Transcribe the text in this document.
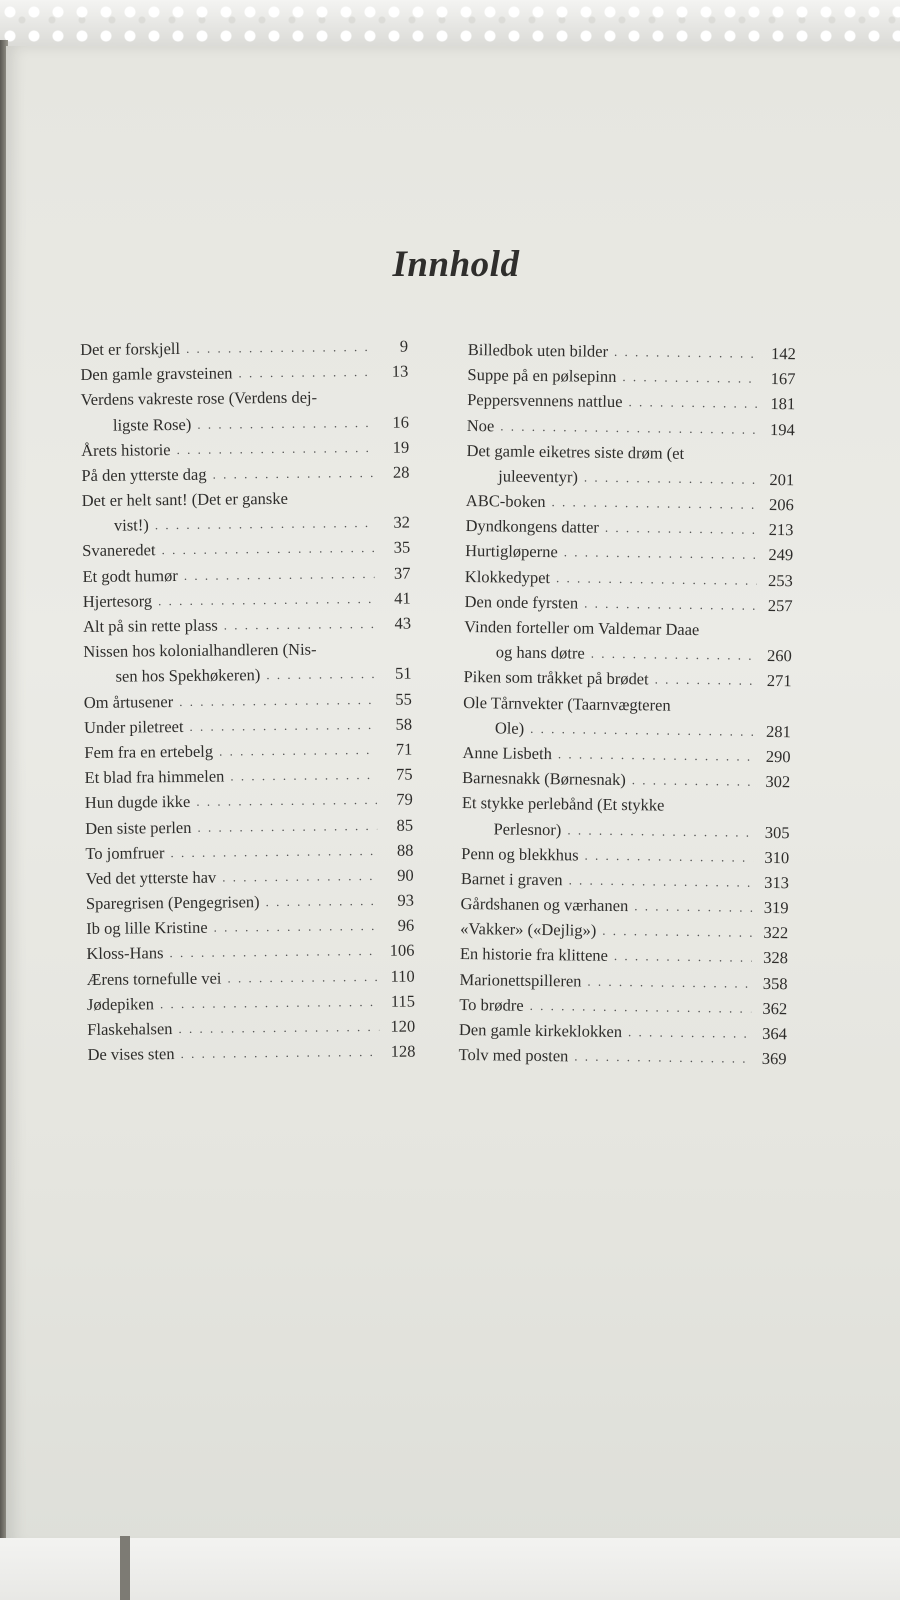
Innhold
Det er forskjell . . .	9
Den gamle gravsteinen . . .	13
Verdens vakreste rose (Verdens dej-
ligste Rose) . . .	16
Årets historie . . .	19
På den ytterste dag . . .	28
Det er helt sant! (Det er ganske
vist!) . . .	32
Svaneredet . . .	35
Et godt humør . . .	37
Hjertesorg . . .	41
Alt på sin rette plass . . .	43
Nissen hos kolonialhandleren (Nis-
sen hos Spekhøkeren) . . .	51
Om årtusener . . .	55
Under piletreet . . .	58
Fem fra en ertebelg . . .	71
Et blad fra himmelen . . .	75
Hun dugde ikke . . .	79
Den siste perlen . . .	85
To jomfruer . . .	88
Ved det ytterste hav . . .	90
Sparegrisen (Pengegrisen) . . .	93
Ib og lille Kristine . . .	96
Kloss-Hans . . .	106
Ærens tornefulle vei . . .	110
Jødepiken . . .	115
Flaskehalsen . . .	120
De vises sten . . .	128
Billedbok uten bilder . . .	142
Suppe på en pølsepinn . . .	167
Peppersvennens nattlue . . .	181
Noe . . .	194
Det gamle eiketres siste drøm (et
juleeventyr) . . .	201
ABC-boken . . .	206
Dyndkongens datter . . .	213
Hurtigløperne . . .	249
Klokkedypet . . .	253
Den onde fyrsten . . .	257
Vinden forteller om Valdemar Daae
og hans døtre . . .	260
Piken som tråkket på brødet . . .	271
Ole Tårnvekter (Taarnvægteren
Ole) . . .	281
Anne Lisbeth . . .	290
Barnesnakk (Børnesnak) . . .	302
Et stykke perlebånd (Et stykke
Perlesnor) . . .	305
Penn og blekkhus . . .	310
Barnet i graven . . .	313
Gårdshanen og værhanen . . .	319
«Vakker» («Dejlig») . . .	322
En historie fra klittene . . .	328
Marionettspilleren . . .	358
To brødre . . .	362
Den gamle kirkeklokken . . .	364
Tolv med posten . . .	369
